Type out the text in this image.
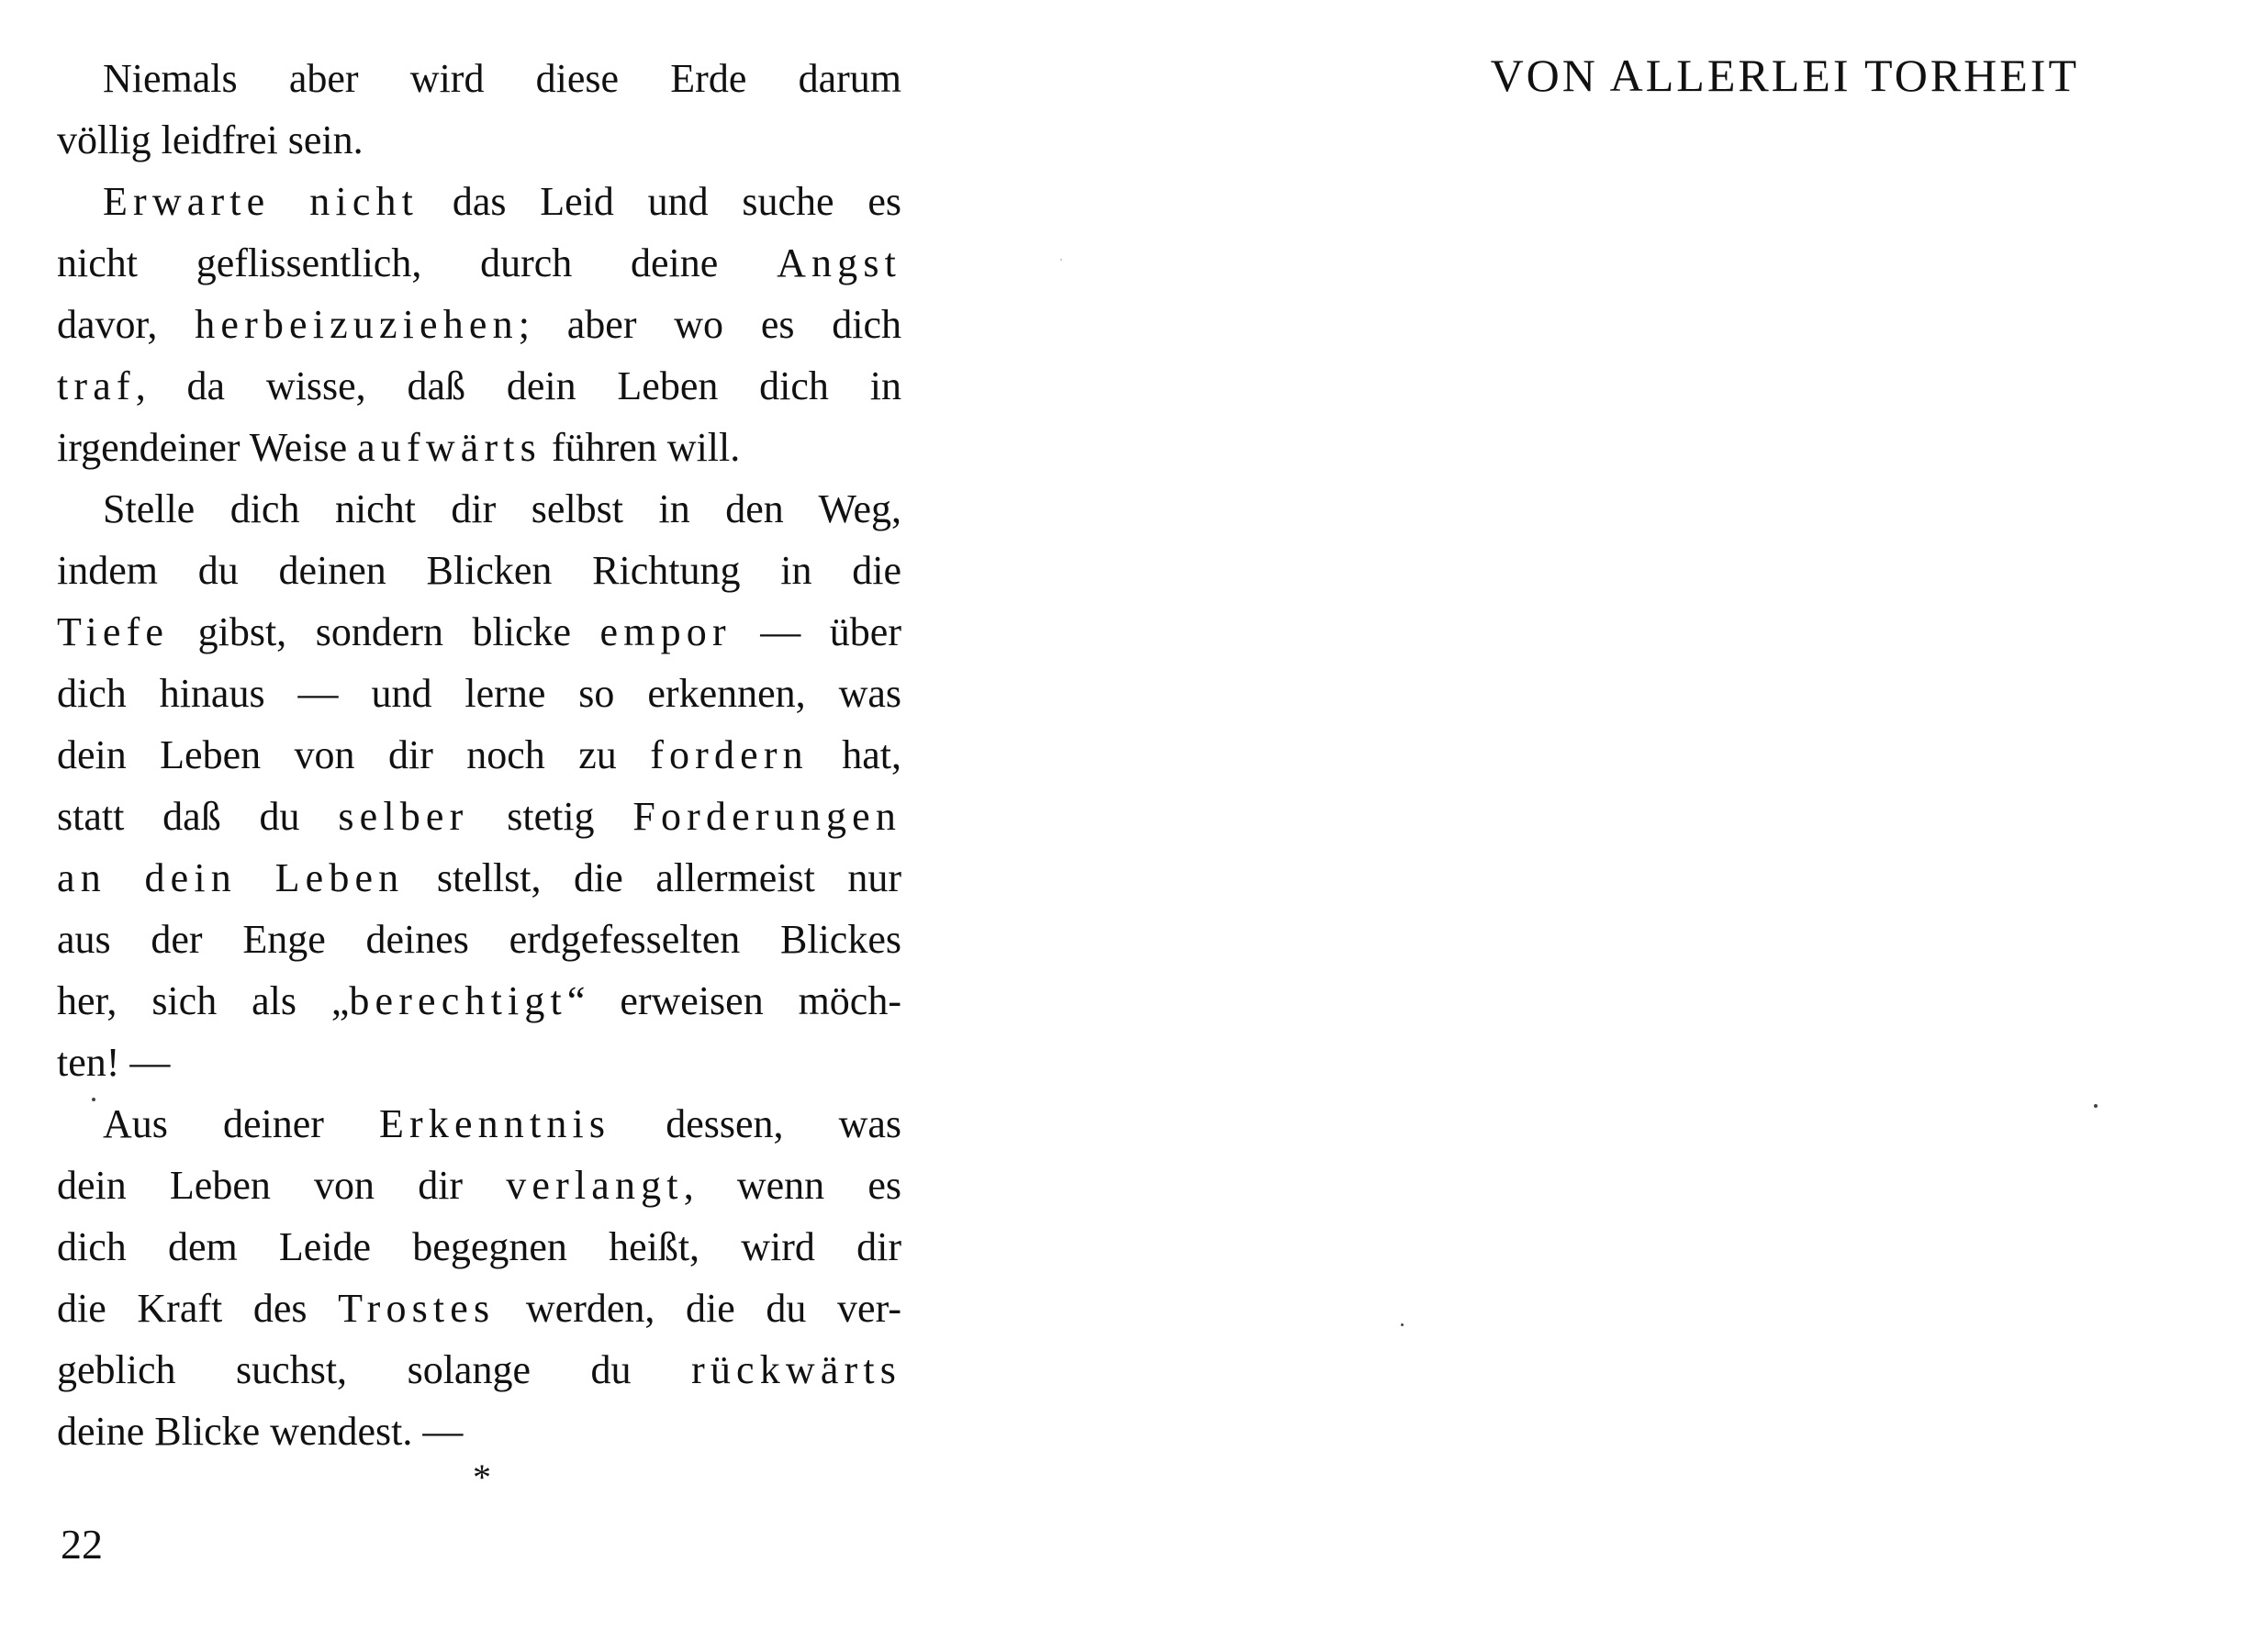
Niemals aber wird diese Erde darum
völlig leidfrei sein.
Erwarte nicht das Leid und suche es
nicht geflissentlich, durch deine Angst
davor, herbeizuziehen; aber wo es dich
traf, da wisse, daß dein Leben dich in
irgendeiner Weise aufwärts führen will.
Stelle dich nicht dir selbst in den Weg,
indem du deinen Blicken Richtung in die
Tiefe gibst, sondern blicke empor — über
dich hinaus — und lerne so erkennen, was
dein Leben von dir noch zu fordern hat,
statt daß du selber stetig Forderungen
an dein Leben stellst, die allermeist nur
aus der Enge deines erdgefesselten Blickes
her, sich als „berechtigt“ erweisen möch-
ten! —
Aus deiner Erkenntnis dessen, was
dein Leben von dir verlangt, wenn es
dich dem Leide begegnen heißt, wird dir
die Kraft des Trostes werden, die du ver-
geblich suchst, solange du rückwärts
deine Blicke wendest. —
*
22
VON ALLERLEI TORHEIT
